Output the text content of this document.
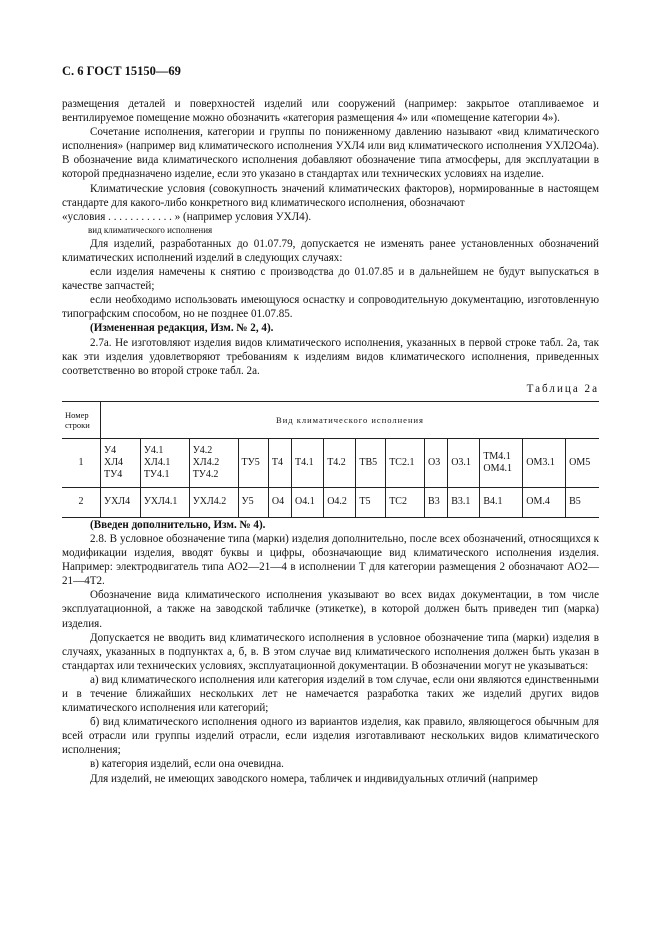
С. 6 ГОСТ 15150—69

размещения деталей и поверхностей изделий или сооружений (например: закрытое отапливаемое и вентилируемое помещение можно обозначить «категория размещения 4» или «помещение категории 4»).

Сочетание исполнения, категории и группы по пониженному давлению называют «вид климатического исполнения» (например вид климатического исполнения УХЛ4 или вид климатического исполнения УХЛ2О4а). В обозначение вида климатического исполнения добавляют обозначение типа атмосферы, для эксплуатации в которой предназначено изделие, если это указано в стандартах или технических условиях на изделие.

Климатические условия (совокупность значений климатических факторов), нормированные в настоящем стандарте для какого-либо конкретного вид климатического исполнения, обозначают

«условия . . . . . . . . . . . . » (например условия УХЛ4).

вид климатического исполнения

Для изделий, разработанных до 01.07.79, допускается не изменять ранее установленных обозначений климатических исполнений изделий в следующих случаях:

если изделия намечены к снятию с производства до 01.07.85 и в дальнейшем не будут выпускаться в качестве запчастей;

если необходимо использовать имеющуюся оснастку и сопроводительную документацию, изготовленную типографским способом, но не позднее 01.07.85.

(Измененная редакция, Изм. № 2, 4).

2.7а. Не изготовляют изделия видов климатического исполнения, указанных в первой строке табл. 2а, так как эти изделия удовлетворяют требованиям к изделиям видов климатического исполнения, приведенных соответственно во второй строке табл. 2а.

Таблица 2а
Номер строки	Вид климатического исполнения													
1	У4
ХЛ4
ТУ4	У4.1
ХЛ4.1
ТУ4.1	У4.2
ХЛ4.2
ТУ4.2	ТУ5	Т4	Т4.1	Т4.2	ТВ5	ТС2.1	О3	О3.1	ТМ4.1
ОМ4.1	ОМ3.1	ОМ5
2	УХЛ4	УХЛ4.1	УХЛ4.2	У5	О4	О4.1	О4.2	Т5	ТС2	В3	В3.1	В4.1	ОМ.4	В5

(Введен дополнительно, Изм. № 4).

2.8. В условное обозначение типа (марки) изделия дополнительно, после всех обозначений, относящихся к модификации изделия, вводят буквы и цифры, обозначающие вид климатического исполнения изделия. Например: электродвигатель типа АО2—21—4 в исполнении Т для категории размещения 2 обозначают АО2—21—4Т2.

Обозначение вида климатического исполнения указывают во всех видах документации, в том числе эксплуатационной, а также на заводской табличке (этикетке), в которой должен быть приведен тип (марка) изделия.

Допускается не вводить вид климатического исполнения в условное обозначение типа (марки) изделия в случаях, указанных в подпунктах а, б, в. В этом случае вид климатического исполнения должен быть указан в стандартах или технических условиях, эксплуатационной документации. В обозначении могут не указываться:

а) вид климатического исполнения или категория изделий в том случае, если они являются единственными и в течение ближайших нескольких лет не намечается разработка таких же изделий других видов климатического исполнения или категорий;

б) вид климатического исполнения одного из вариантов изделия, как правило, являющегося обычным для всей отрасли или группы изделий отрасли, если изделия изготавливают нескольких видов климатического исполнения;

в) категория изделий, если она очевидна.

Для изделий, не имеющих заводского номера, табличек и индивидуальных отличий (например
